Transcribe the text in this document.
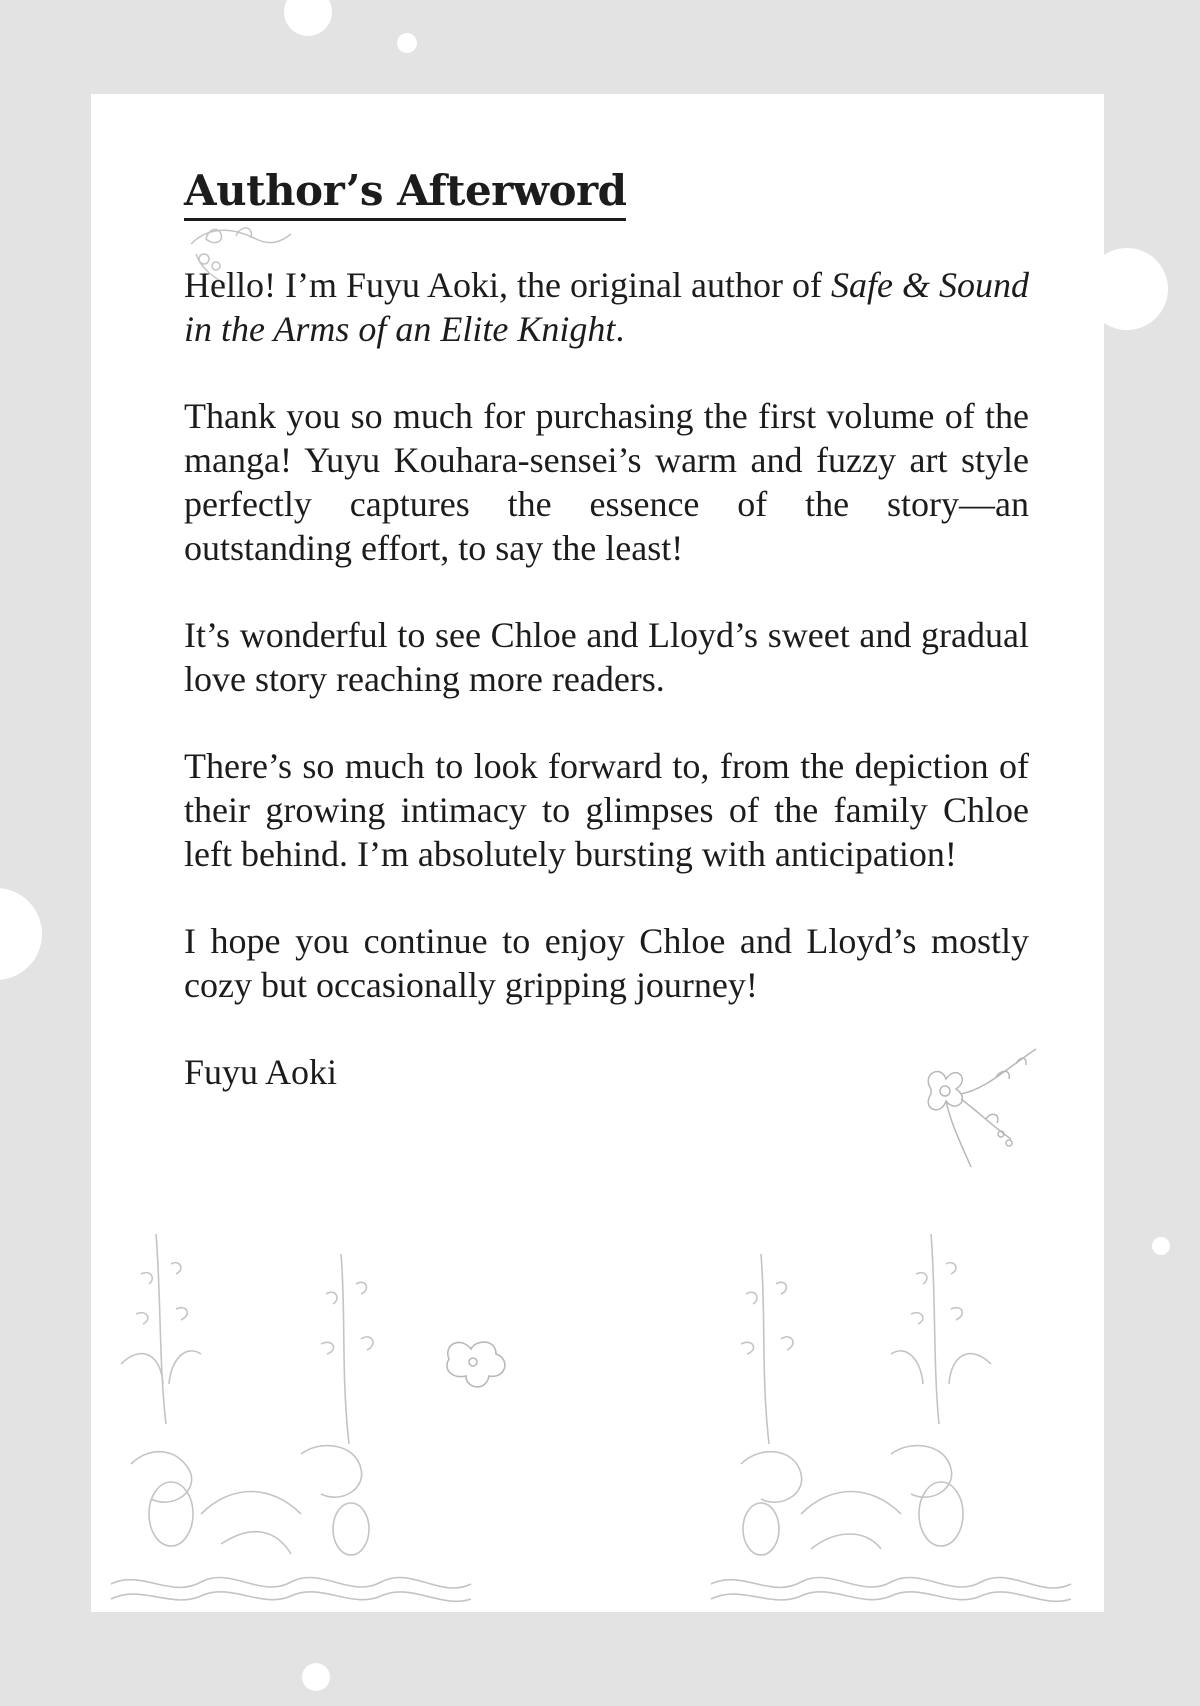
Author’s Afterword

Hello! I’m Fuyu Aoki, the original author of Safe & Sound in the Arms of an Elite Knight.

Thank you so much for purchasing the first volume of the manga! Yuyu Kouhara-sensei’s warm and fuzzy art style perfectly captures the essence of the story—an outstanding effort, to say the least!

It’s wonderful to see Chloe and Lloyd’s sweet and gradual love story reaching more readers.

There’s so much to look forward to, from the depiction of their growing intimacy to glimpses of the family Chloe left behind. I’m absolutely bursting with anticipation!

I hope you continue to enjoy Chloe and Lloyd’s mostly cozy but occasionally gripping journey!

Fuyu Aoki
